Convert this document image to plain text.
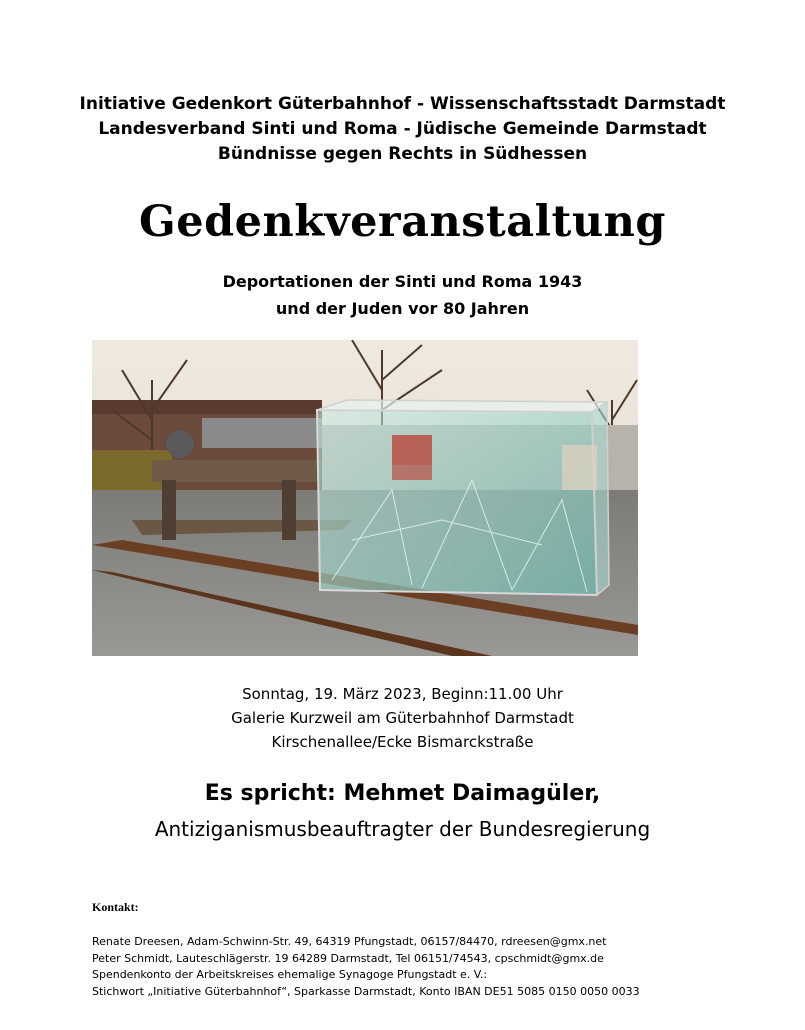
Initiative Gedenkort Güterbahnhof - Wissenschaftsstadt Darmstadt
Landesverband Sinti und Roma - Jüdische Gemeinde Darmstadt
Bündnisse gegen Rechts in Südhessen
Gedenkveranstaltung
Deportationen der Sinti und Roma 1943
und der Juden vor 80 Jahren
Sonntag, 19. März 2023, Beginn:11.00 Uhr
Galerie Kurzweil am Güterbahnhof Darmstadt
Kirschenallee/Ecke Bismarckstraße
Es spricht: Mehmet Daimagüler,
Antiziganismusbeauftragter der Bundesregierung
Kontakt:
Renate Dreesen, Adam-Schwinn-Str. 49, 64319 Pfungstadt, 06157/84470, rdreesen@gmx.net
Peter Schmidt, Lauteschlägerstr. 19 64289 Darmstadt, Tel 06151/74543, cpschmidt@gmx.de
Spendenkonto der Arbeitskreises ehemalige Synagoge Pfungstadt e. V.:
Stichwort „Initiative Güterbahnhof“, Sparkasse Darmstadt, Konto IBAN DE51 5085 0150 0050 0033
